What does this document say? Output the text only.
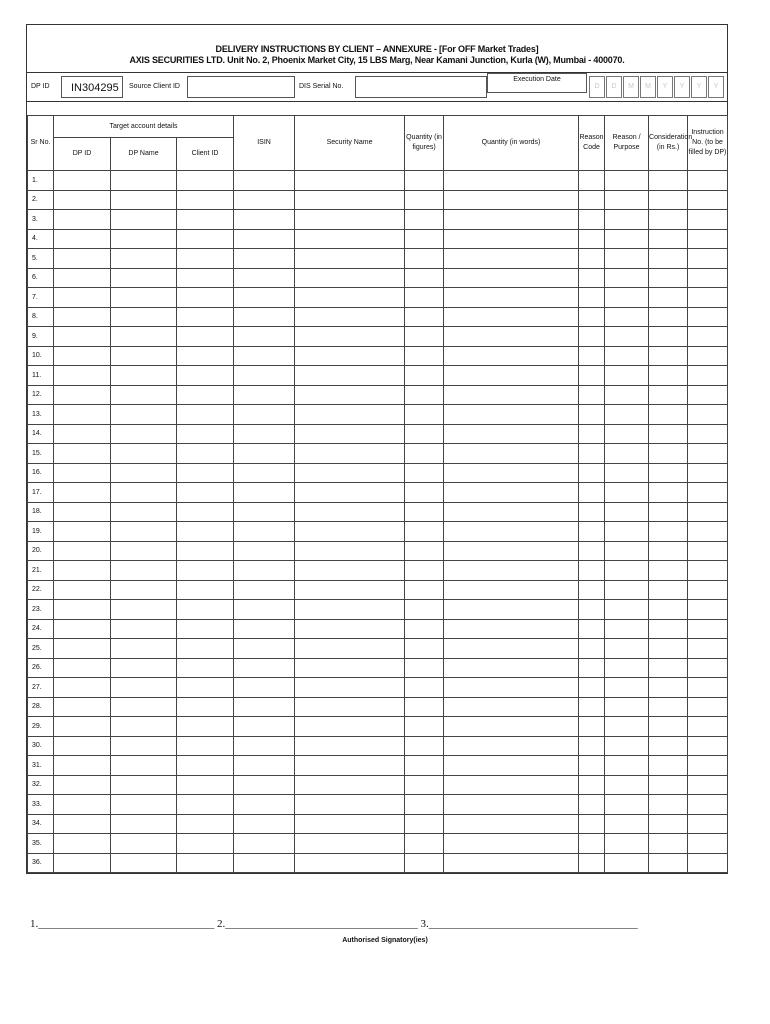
DELIVERY INSTRUCTIONS BY CLIENT – ANNEXURE - [For OFF Market Trades]
AXIS SECURITIES LTD. Unit No. 2, Phoenix Market City, 15 LBS Marg, Near Kamani Junction, Kurla (W), Mumbai - 400070.
DP ID	IN304295	Source Client ID	DIS Serial No.
Execution Date
D	D	M	M	Y	Y	Y	Y
Sr No.	Target account details			ISIN	Security Name	Quantity (in figures)	Quantity (in words)	Reason Code	Reason / Purpose	Consideration (in Rs.)	Instruction No. (to be filled by DP)
	DP ID	DP Name	Client ID								
1.											
2.											
3.											
4.											
5.											
6.											
7.											
8.											
9.											
10.											
11.											
12.											
13.											
14.											
15.											
16.											
17.											
18.											
19.											
20.											
21.											
22.											
23.											
24.											
25.											
26.											
27.											
28.											
29.											
30.											
31.											
32.											
33.											
34.											
35.											
36.											
1.________________________________ 2.___________________________________ 3.______________________________________
Authorised Signatory(ies)
